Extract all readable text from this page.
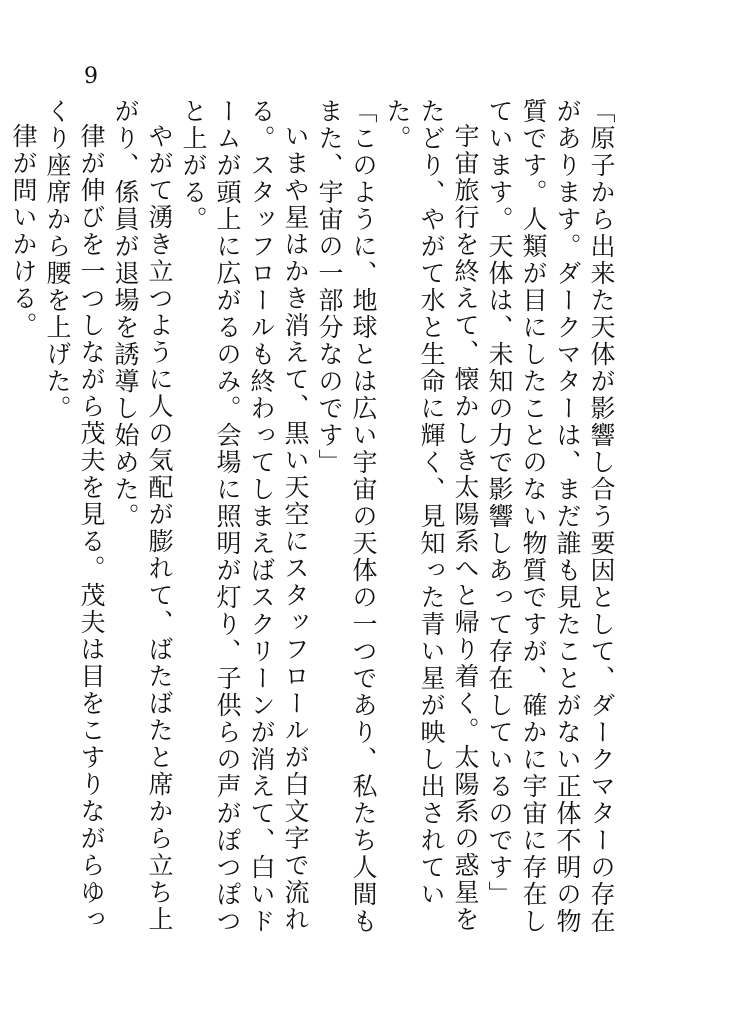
9

「原子から出来た天体が影響し合う要因として、ダークマターの存在があります。ダークマターは、まだ誰も見たことがない正体不明の物質です。人類が目にしたことのない物質ですが、確かに宇宙に存在しています。天体は、未知の力で影響しあって存在しているのです」

宇宙旅行を終えて、懐かしき太陽系へと帰り着く。太陽系の惑星をたどり、やがて水と生命に輝く、見知った青い星が映し出されていた。

「このように、地球とは広い宇宙の天体の一つであり、私たち人間もまた、宇宙の一部分なのです」

いまや星はかき消えて、黒い天空にスタッフロールが白文字で流れる。スタッフロールも終わってしまえばスクリーンが消えて、白いドームが頭上に広がるのみ。会場に照明が灯り、子供らの声がぽつぽつと上がる。

やがて湧き立つように人の気配が膨れて、ばたばたと席から立ち上がり、係員が退場を誘導し始めた。

律が伸びを一つしながら茂夫を見る。茂夫は目をこすりながらゆっくり座席から腰を上げた。

律が問いかける。
